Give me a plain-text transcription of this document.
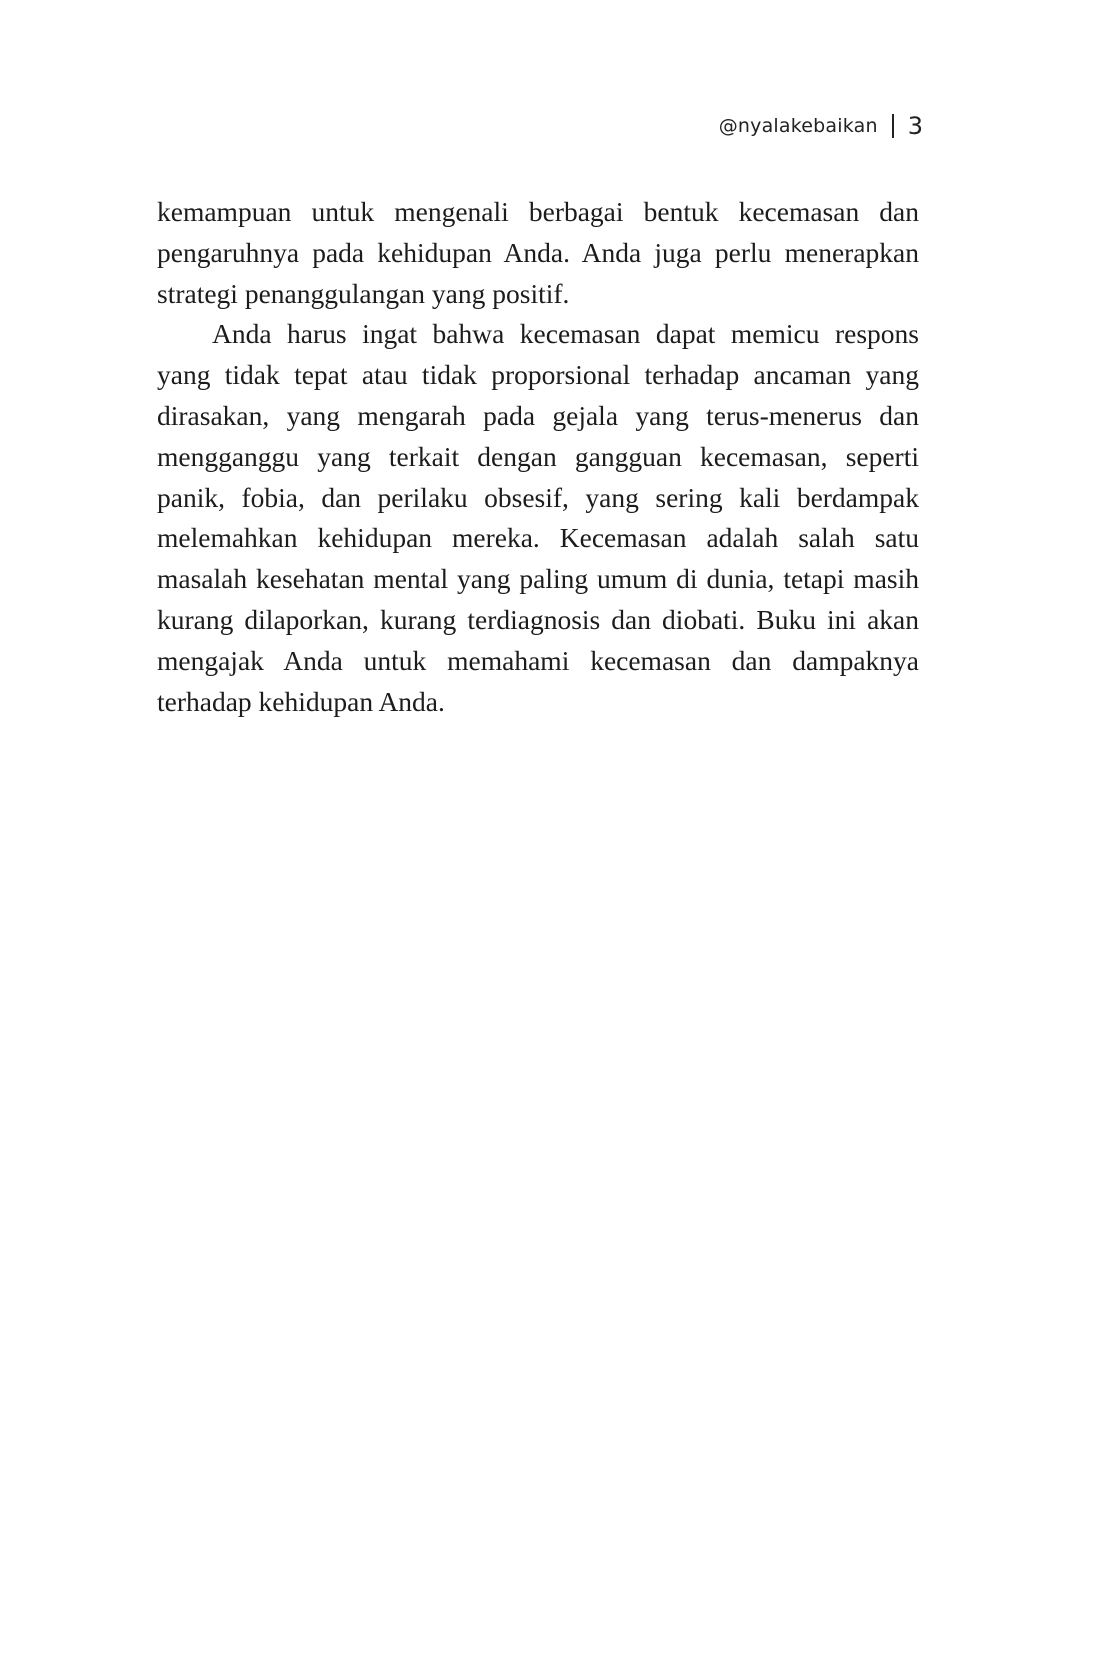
@nyalakebaikan 3

kemampuan untuk mengenali berbagai bentuk kecemasan dan pengaruhnya pada kehidupan Anda. Anda juga perlu menerapkan strategi penanggulangan yang positif.

Anda harus ingat bahwa kecemasan dapat memicu respons yang tidak tepat atau tidak proporsional terhadap ancaman yang dirasakan, yang mengarah pada gejala yang terus-menerus dan mengganggu yang terkait dengan gangguan kecemasan, seperti panik, fobia, dan perilaku obsesif, yang sering kali berdampak melemahkan kehidupan mereka. Kecemasan adalah salah satu masalah kesehatan mental yang paling umum di dunia, tetapi masih kurang dilaporkan, kurang terdiagnosis dan diobati. Buku ini akan mengajak Anda untuk memahami kecemasan dan dampaknya terhadap kehidupan Anda.
